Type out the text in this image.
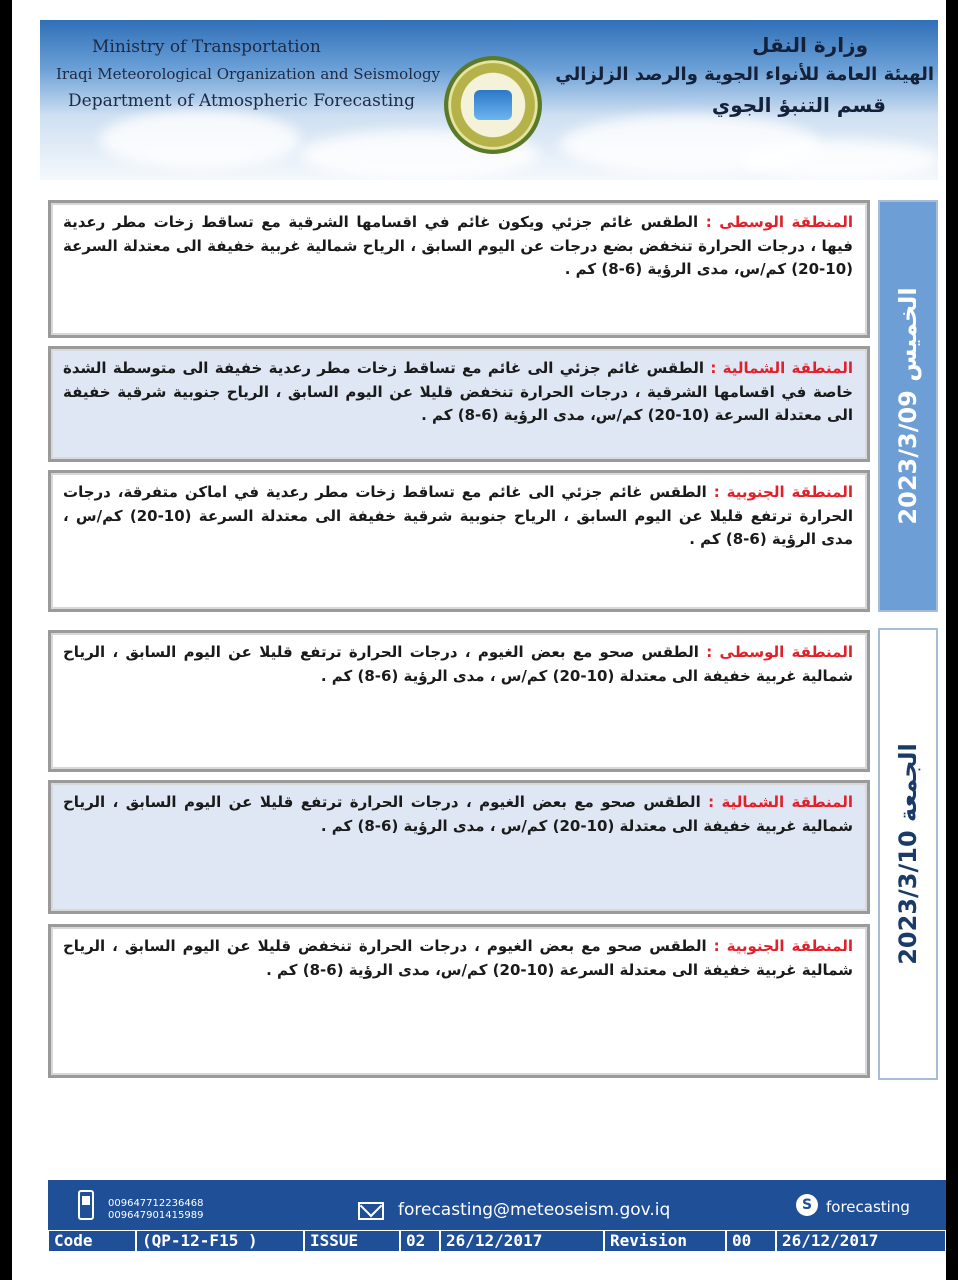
Ministry of Transportation
Iraqi Meteorological Organization and Seismology
Department of Atmospheric Forecasting
وزارة النقل
الهيئة العامة للأنواء الجوية والرصد الزلزالي
قسم التنبؤ الجوي
المنطقة الوسطى : الطقس غائم جزئي ويكون غائم في اقسامها الشرقية مع تساقط زخات مطر رعدية فيها ، درجات الحرارة تنخفض بضع درجات عن اليوم السابق ، الرياح شمالية غربية خفيفة الى معتدلة السرعة (10-20) كم/س، مدى الرؤية (6-8) كم .
المنطقة الشمالية : الطقس غائم جزئي الى غائم مع تساقط زخات مطر رعدية خفيفة الى متوسطة الشدة خاصة في اقسامها الشرقية ، درجات الحرارة تنخفض قليلا عن اليوم السابق ، الرياح جنوبية شرقية خفيفة الى معتدلة السرعة (10-20) كم/س، مدى الرؤية (6-8) كم .
المنطقة الجنوبية : الطقس غائم جزئي الى غائم مع تساقط زخات مطر رعدية في اماكن متفرقة، درجات الحرارة ترتفع قليلا عن اليوم السابق ، الرياح جنوبية شرقية خفيفة الى معتدلة السرعة (10-20) كم/س ، مدى الرؤية (6-8) كم .
الخميس 2023/3/09
المنطقة الوسطى : الطقس صحو مع بعض الغيوم ، درجات الحرارة ترتفع قليلا عن اليوم السابق ، الرياح شمالية غربية خفيفة الى معتدلة (10-20) كم/س ، مدى الرؤية (6-8) كم .
المنطقة الشمالية : الطقس صحو مع بعض الغيوم ، درجات الحرارة ترتفع قليلا عن اليوم السابق ، الرياح شمالية غربية خفيفة الى معتدلة (10-20) كم/س ، مدى الرؤية (6-8) كم .
المنطقة الجنوبية : الطقس صحو مع بعض الغيوم ، درجات الحرارة تنخفض قليلا عن اليوم السابق ، الرياح شمالية غربية خفيفة الى معتدلة السرعة (10-20) كم/س، مدى الرؤية (6-8) كم .
الجمعة 2023/3/10
009647712236468
009647901415989	forecasting@meteoseism.gov.iq	S forecasting
Code	(QP-12-F15 )	ISSUE	02	26/12/2017	Revision	00	26/12/2017
